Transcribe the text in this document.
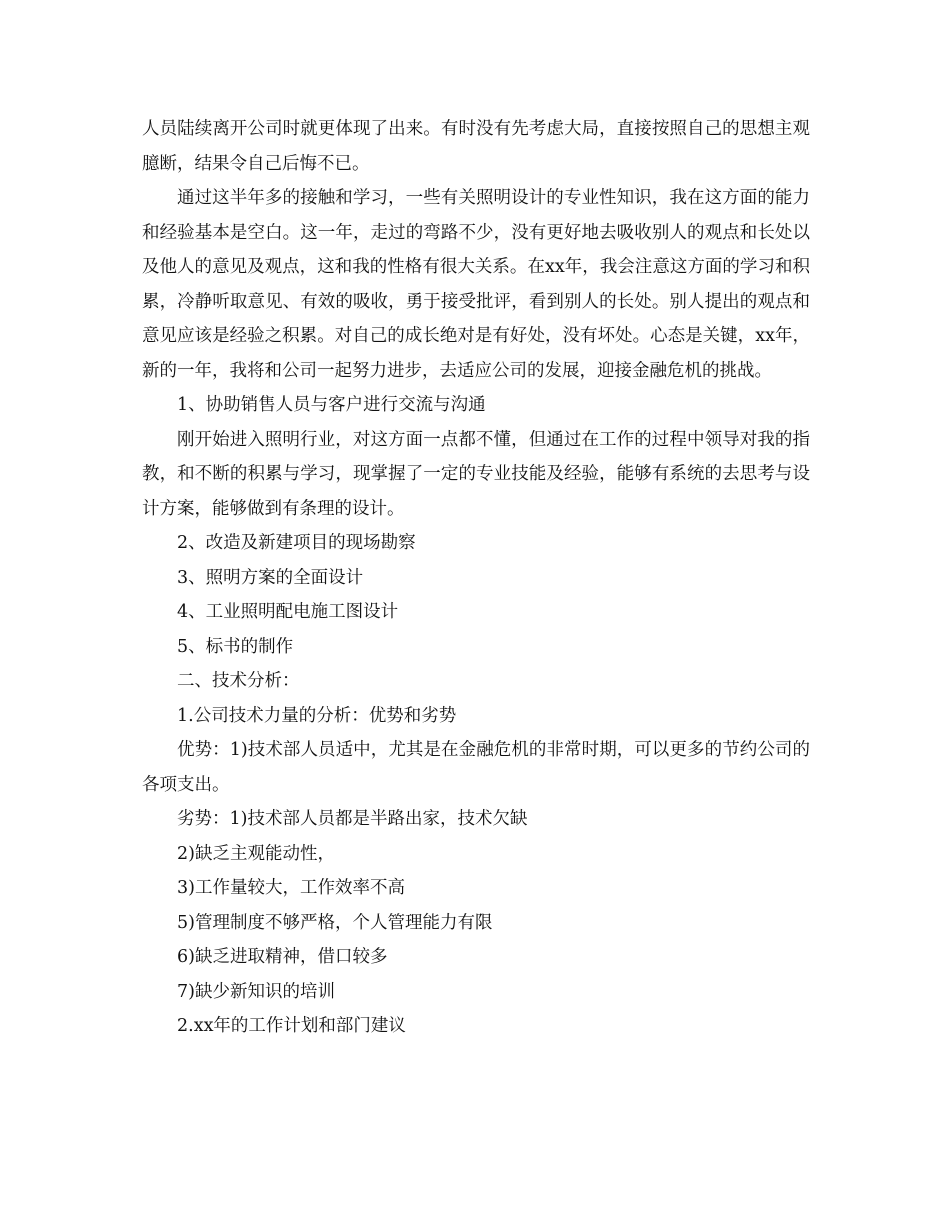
人员陆续离开公司时就更体现了出来。有时没有先考虑大局，直接按照自己的思想主观臆断，结果令自己后悔不已。

通过这半年多的接触和学习，一些有关照明设计的专业性知识，我在这方面的能力和经验基本是空白。这一年，走过的弯路不少，没有更好地去吸收别人的观点和长处以及他人的意见及观点，这和我的性格有很大关系。在xx年，我会注意这方面的学习和积累，冷静听取意见、有效的吸收，勇于接受批评，看到别人的长处。别人提出的观点和意见应该是经验之积累。对自己的成长绝对是有好处，没有坏处。心态是关键，xx年，新的一年，我将和公司一起努力进步，去适应公司的发展，迎接金融危机的挑战。

1、协助销售人员与客户进行交流与沟通

刚开始进入照明行业，对这方面一点都不懂，但通过在工作的过程中领导对我的指教，和不断的积累与学习，现掌握了一定的专业技能及经验，能够有系统的去思考与设计方案，能够做到有条理的设计。

2、改造及新建项目的现场勘察

3、照明方案的全面设计

4、工业照明配电施工图设计

5、标书的制作

二、技术分析：

1.公司技术力量的分析：优势和劣势

优势：1)技术部人员适中，尤其是在金融危机的非常时期，可以更多的节约公司的各项支出。

劣势：1)技术部人员都是半路出家，技术欠缺

2)缺乏主观能动性，

3)工作量较大，工作效率不高

5)管理制度不够严格，个人管理能力有限

6)缺乏进取精神，借口较多

7)缺少新知识的培训

2.xx年的工作计划和部门建议
